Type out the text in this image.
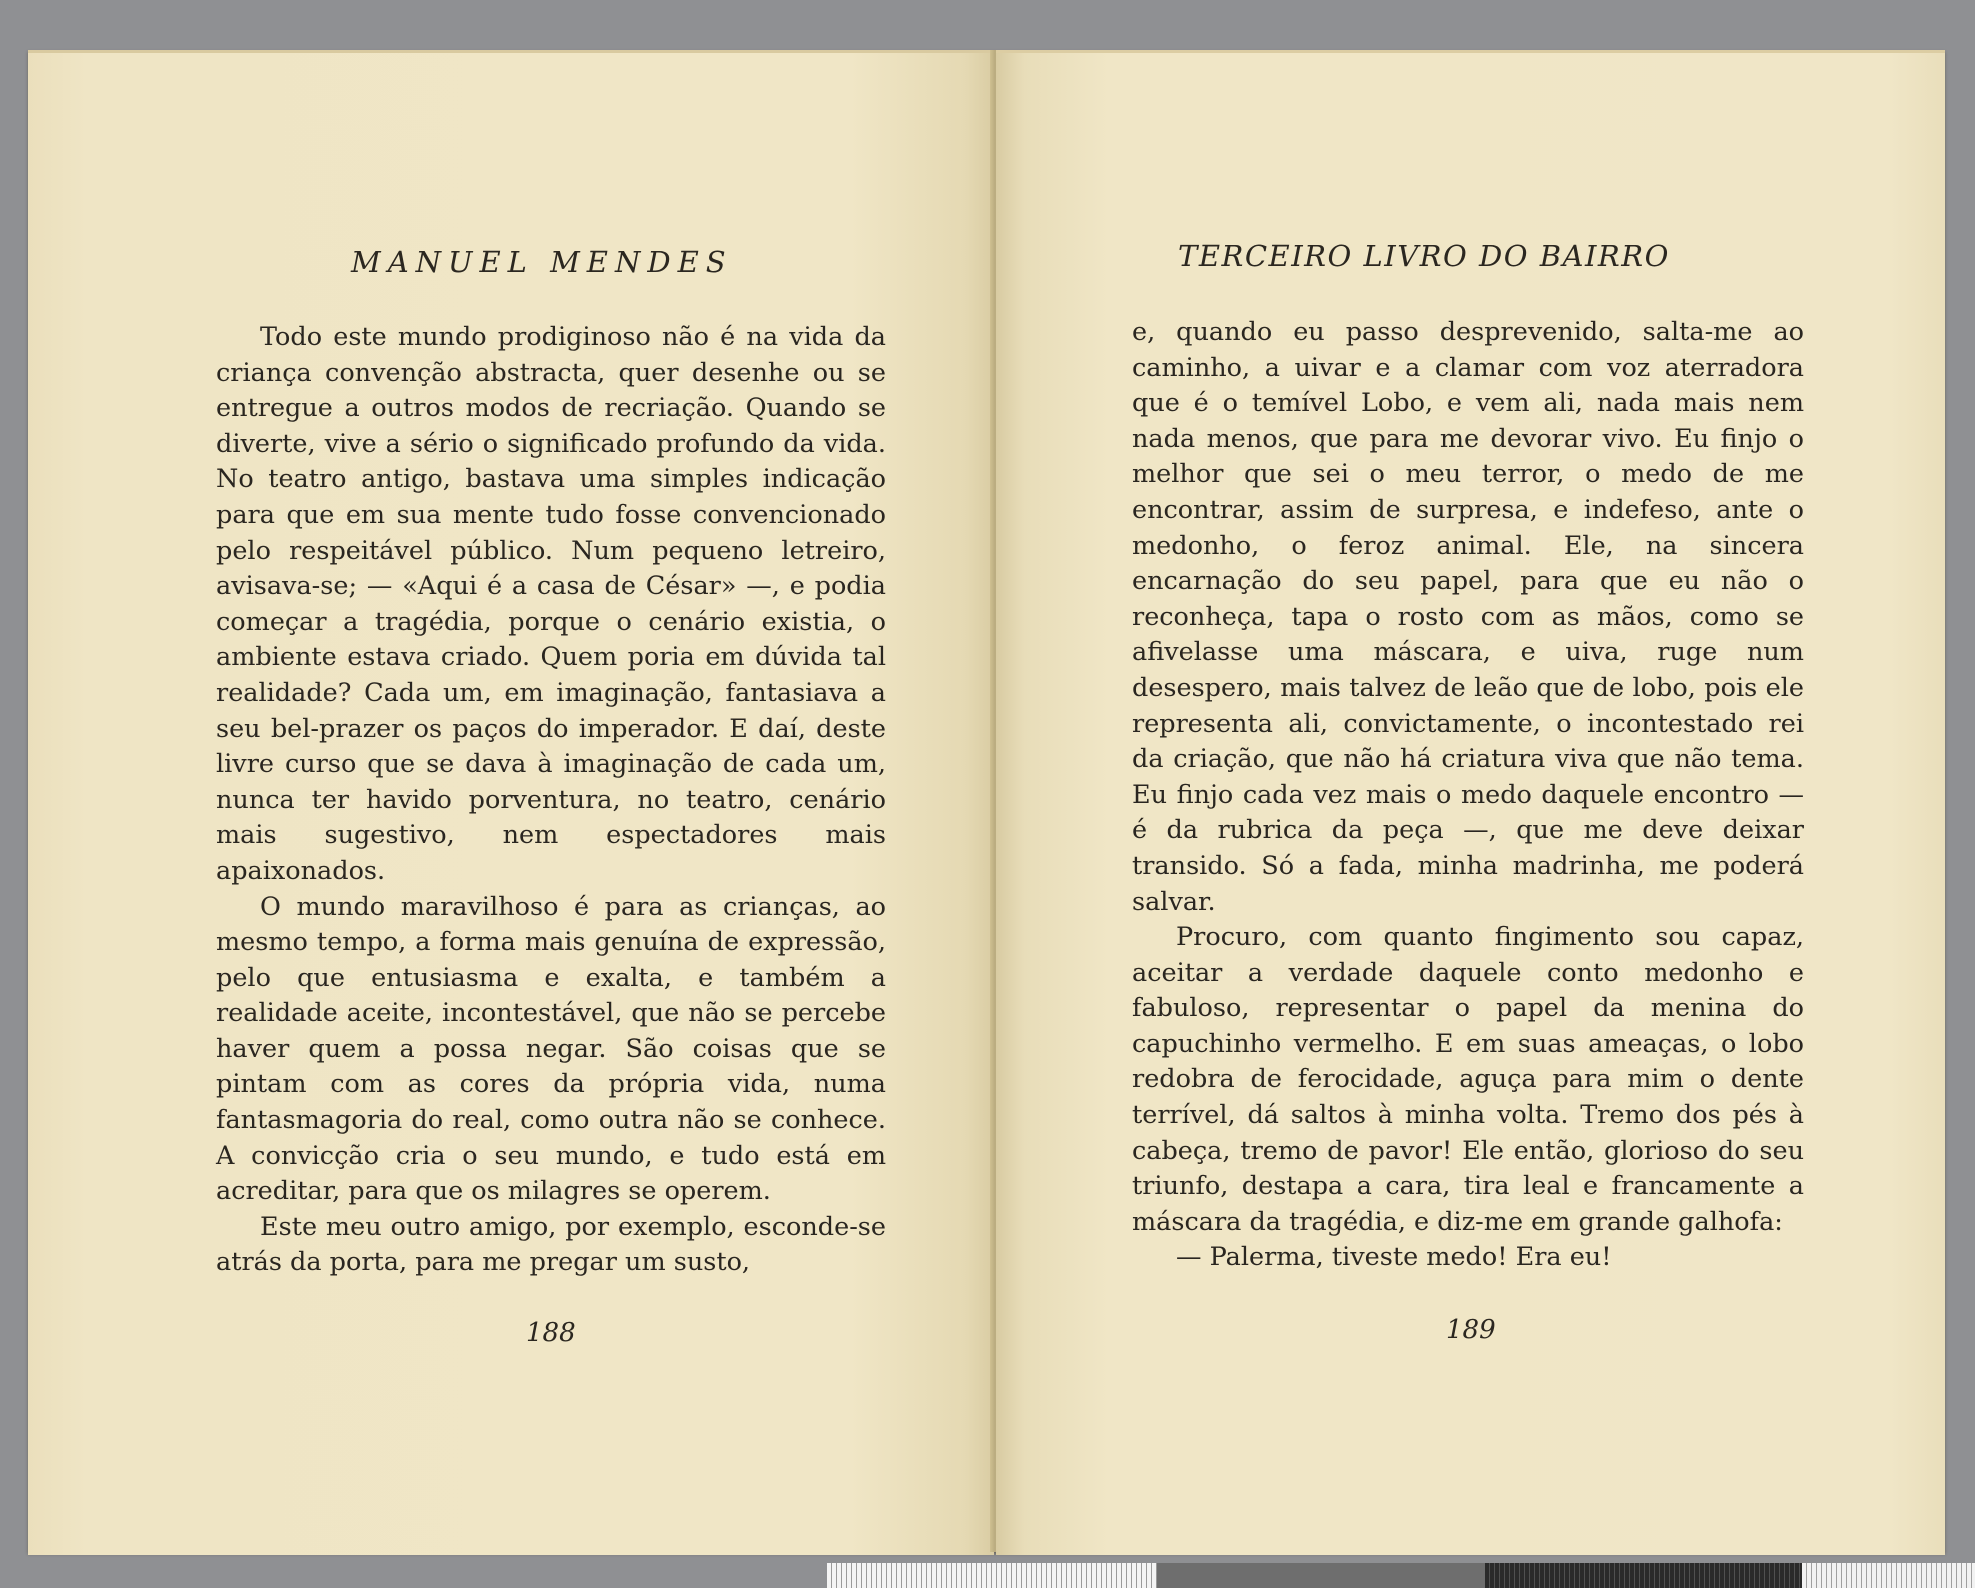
MANUEL MENDES

Todo este mundo prodiginoso não é na vida da criança convenção abstracta, quer desenhe ou se entregue a outros modos de recriação. Quando se diverte, vive a sério o significado profundo da vida. No teatro antigo, bastava uma simples indicação para que em sua mente tudo fosse convencionado pelo respeitável público. Num pequeno letreiro, avisava-se; — «Aqui é a casa de César» —, e podia começar a tragédia, porque o cenário existia, o ambiente estava criado. Quem poria em dúvida tal realidade? Cada um, em imaginação, fantasiava a seu bel-prazer os paços do imperador. E daí, deste livre curso que se dava à imaginação de cada um, nunca ter havido porventura, no teatro, cenário mais sugestivo, nem espectadores mais apaixonados.

O mundo maravilhoso é para as crianças, ao mesmo tempo, a forma mais genuína de expressão, pelo que entusiasma e exalta, e também a realidade aceite, incontestável, que não se percebe haver quem a possa negar. São coisas que se pintam com as cores da própria vida, numa fantasmagoria do real, como outra não se conhece. A convicção cria o seu mundo, e tudo está em acreditar, para que os milagres se operem.

Este meu outro amigo, por exemplo, esconde-se atrás da porta, para me pregar um susto,

188
TERCEIRO LIVRO DO BAIRRO

e, quando eu passo desprevenido, salta-me ao caminho, a uivar e a clamar com voz aterradora que é o temível Lobo, e vem ali, nada mais nem nada menos, que para me devorar vivo. Eu finjo o melhor que sei o meu terror, o medo de me encontrar, assim de surpresa, e indefeso, ante o medonho, o feroz animal. Ele, na sincera encarnação do seu papel, para que eu não o reconheça, tapa o rosto com as mãos, como se afivelasse uma máscara, e uiva, ruge num desespero, mais talvez de leão que de lobo, pois ele representa ali, convictamente, o incontestado rei da criação, que não há criatura viva que não tema. Eu finjo cada vez mais o medo daquele encontro — é da rubrica da peça —, que me deve deixar transido. Só a fada, minha madrinha, me poderá salvar.

Procuro, com quanto fingimento sou capaz, aceitar a verdade daquele conto medonho e fabuloso, representar o papel da menina do capuchinho vermelho. E em suas ameaças, o lobo redobra de ferocidade, aguça para mim o dente terrível, dá saltos à minha volta. Tremo dos pés à cabeça, tremo de pavor! Ele então, glorioso do seu triunfo, destapa a cara, tira leal e francamente a máscara da tragédia, e diz-me em grande galhofa:

— Palerma, tiveste medo! Era eu!

189
